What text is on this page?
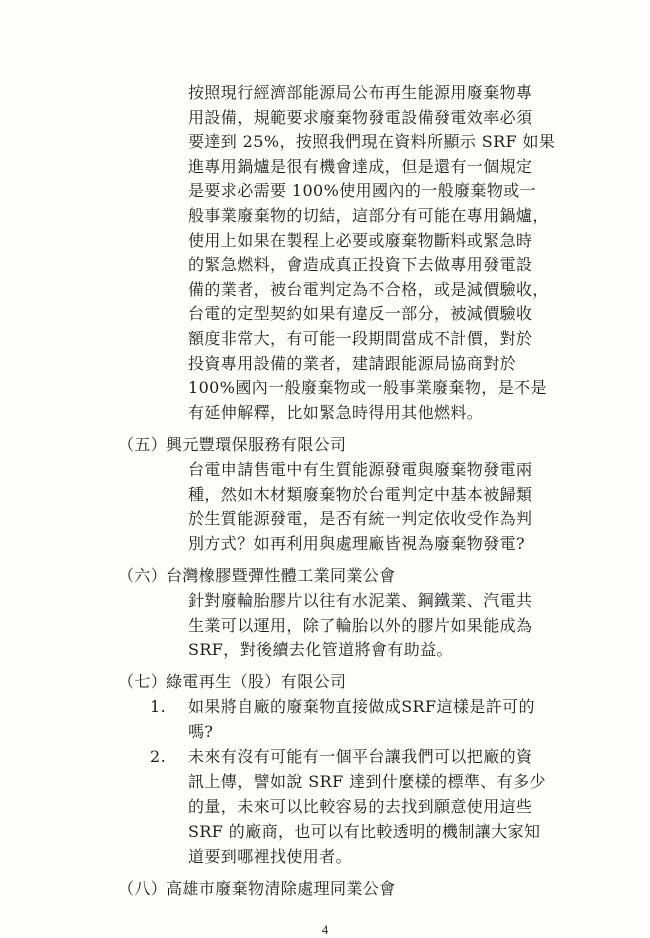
按照現行經濟部能源局公布再生能源用廢棄物專

用設備，規範要求廢棄物發電設備發電效率必須

要達到 25%，按照我們現在資料所顯示 SRF 如果

進專用鍋爐是很有機會達成，但是還有一個規定

是要求必需要 100%使用國內的一般廢棄物或一

般事業廢棄物的切結，這部分有可能在專用鍋爐，

使用上如果在製程上必要或廢棄物斷料或緊急時

的緊急燃料，會造成真正投資下去做專用發電設

備的業者，被台電判定為不合格，或是減價驗收，

台電的定型契約如果有違反一部分，被減價驗收

額度非常大，有可能一段期間當成不計價，對於

投資專用設備的業者，建請跟能源局協商對於

100%國內一般廢棄物或一般事業廢棄物，是不是

有延伸解釋，比如緊急時得用其他燃料。

（五）

興元豐環保服務有限公司

台電申請售電中有生質能源發電與廢棄物發電兩

種，然如木材類廢棄物於台電判定中基本被歸類

於生質能源發電，是否有統一判定依收受作為判

別方式？如再利用與處理廠皆視為廢棄物發電?

（六）

台灣橡膠暨彈性體工業同業公會

針對廢輪胎膠片以往有水泥業、鋼鐵業、汽電共

生業可以運用，除了輪胎以外的膠片如果能成為

SRF，對後續去化管道將會有助益。

（七）

綠電再生（股）有限公司

1. 如果將自廠的廢棄物直接做成SRF這樣是許可的

嗎?

2. 未來有沒有可能有一個平台讓我們可以把廠的資

訊上傳，譬如說 SRF 達到什麼樣的標準、有多少

的量，未來可以比較容易的去找到願意使用這些

SRF 的廠商，也可以有比較透明的機制讓大家知

道要到哪裡找使用者。

（八）

高雄市廢棄物清除處理同業公會

4
